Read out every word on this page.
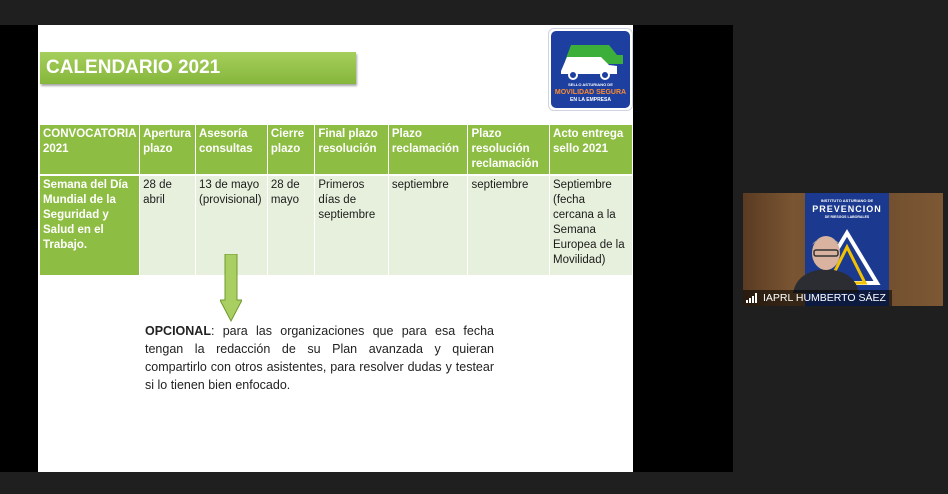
CALENDARIO 2021
SELLO ASTURIANO DE
MOVILIDAD SEGURA
EN LA EMPRESA
CONVOCATORIA 2021	Apertura plazo	Asesoría consultas	Cierre plazo	Final plazo resolución	Plazo reclamación	Plazo resolución reclamación	Acto entrega sello 2021
Semana del Día Mundial de la Seguridad y Salud en el Trabajo.	28 de abril	13 de mayo (provisional)	28 de mayo	Primeros días de septiembre	septiembre	septiembre	Septiembre (fecha cercana a la Semana Europea de la Movilidad)
OPCIONAL: para las organizaciones que para esa fecha tengan la redacción de su Plan avanzada y quieran compartirlo con otros asistentes, para resolver dudas y testear si lo tienen bien enfocado.
INSTITUTO ASTURIANO DE
PREVENCION
DE RIESGOS LABORALES
IAPRL HUMBERTO SÁEZ
